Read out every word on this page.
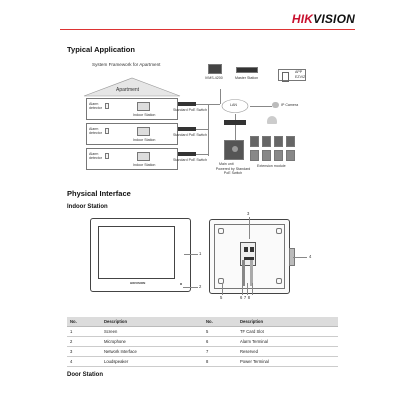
HIKVISION
Typical Application
System Framework for Apartment
Apartment
Alarm detector
Indoor Station
Alarm detector
Indoor Station
Alarm detector
Indoor Station
Standard PoE Switch
Standard PoE Switch
Standard PoE Switch
iVMS-4200	Master Station
LAN
APP
EZVIZ
IP Camera
Main unit
Powered by Standard PoE Switch
Extension module
Physical Interface
Indoor Station
HIKVISION
1
2
3
4
5	6 7 8
No.	Description	No.	Description
1	Screen	5	TF Card Slot
2	Microphone	6	Alarm Terminal
3	Network Interface	7	Reserved
4	Loudspeaker	8	Power Terminal
Door Station
